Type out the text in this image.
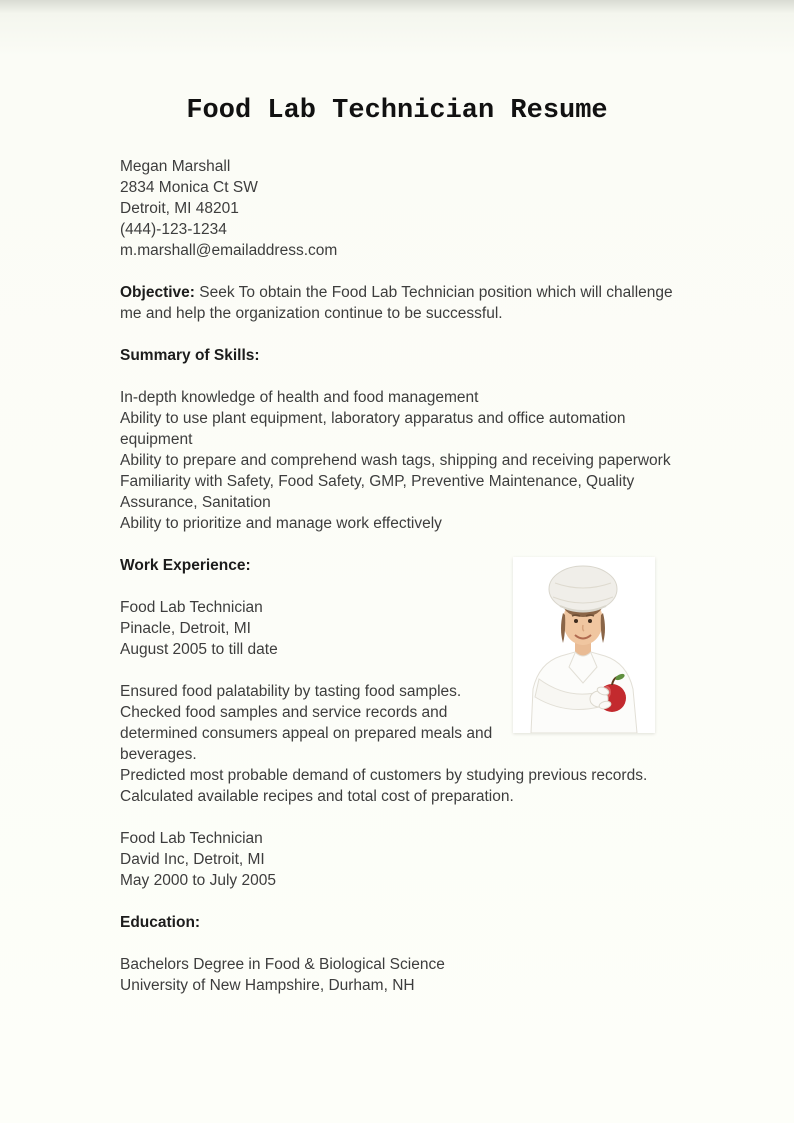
Food Lab Technician Resume
Megan Marshall
2834 Monica Ct SW
Detroit, MI 48201
(444)-123-1234
m.marshall@emailaddress.com

Objective: Seek To obtain the Food Lab Technician position which will challenge me and help the organization continue to be successful.

Summary of Skills:
In-depth knowledge of health and food management
Ability to use plant equipment, laboratory apparatus and office automation equipment
Ability to prepare and comprehend wash tags, shipping and receiving paperwork
Familiarity with Safety, Food Safety, GMP, Preventive Maintenance, Quality Assurance, Sanitation
Ability to prioritize and manage work effectively
Work Experience:
Food Lab Technician
Pinacle, Detroit, MI
August 2005 to till date
Ensured food palatability by tasting food samples.
Checked food samples and service records and determined consumers appeal on prepared meals and beverages.
Predicted most probable demand of customers by studying previous records.
Calculated available recipes and total cost of preparation.
Food Lab Technician
David Inc, Detroit, MI
May 2000 to July 2005
Education:
Bachelors Degree in Food & Biological Science
University of New Hampshire, Durham, NH
